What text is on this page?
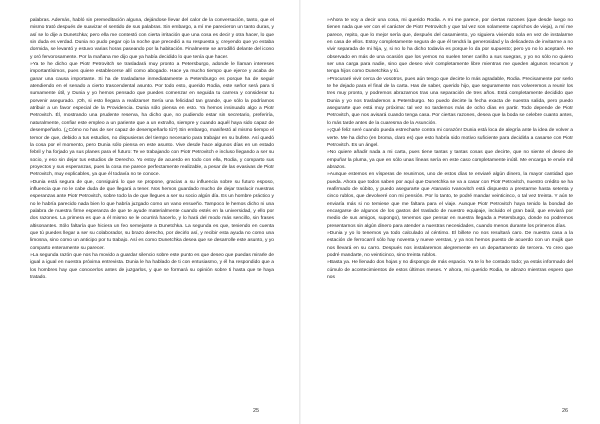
palabras. Además, habló sin premeditación alguna, dejándose llevar del calor de la conversación, tanto, que el mismo trató después de suavizar el sentido de sus palabras. Sin embargo, a mí me parecieron un tanto duras, y así se lo dije a Dunetchka; pero ella me contestó con cierta irritación que una cosa es decir y otra hacer, lo que sin duda es verdad. Dunia no pudo pegar ojo la noche que precedió a su respuesta y, creyendo que yo estaba dormida, se levantó y estuvo varias horas paseando por la habitación. Finalmente se arrodilló delante del icono y oró fervorosamente. Por la mañana me dijo que ya había decidido lo que tenía que hacer.

»Ya te he dicho que Piotr Petrovitch se trasladará muy pronto a Petersburgo, adonde le llaman intereses importantísimos, pues quiere establecerse allí como abogado. Hace ya mucho tiempo que ejerce y acaba de ganar una causa importante. Si ha de trasladarse inmediatamente a Petersburgo es porque ha de seguir atendiendo en el senado a cierto trascendental asunto. Por todo esto, querido Rodia, este señor será para ti sumamente útil, y Dunia y yo hemos pensado que puedes comenzar en seguida tu carrera y considerar tu porvenir asegurado. ¡Oh, si esto llegara a realizarse! Sería una felicidad tan grande, que sólo la podríamos atribuir a un favor especial de la Providencia. Dunia sólo piensa en esto. Ya hemos insinuado algo a Piotr Petrovitch. Él, mostrando una prudente reserva, ha dicho que, no pudiendo estar sin secretario, preferiría, naturalmente, confiar este empleo a un pariente que a un extraño, siempre y cuando aquél haya sido capaz de desempeñarlo. (¿Cómo no has de ser capaz de desempeñarlo tú?) Sin embargo, manifestó al mismo tiempo el temor de que, debido a tus estudios, no dispusieras del tiempo necesario para trabajar en su bufete. Así quedó la cosa por el momento, pero Dunia sólo piensa en este asunto. Vive desde hace algunos días en un estado febril y ha forjado ya sus planes para el futuro: Te ve trabajando con Piotr Petrovitch e incluso llegando a ser su socio, y eso sin dejar tus estudios de Derecho. Yo estoy de acuerdo en todo con ella, Rodia, y comparto sus proyectos y sus esperanzas, pues la cosa me parece perfectamente realizable, a pesar de las evasivas de Piotr Petrovitch, muy explicables, ya que él todavía no te conoce.

»Dunia está segura de que, consiguirá lo que se propone, gracias a su influencia sobre su futuro esposo, influencia que no le cabe duda de que llegará a tener. Nos hemos guardado mucho de dejar traslucir nuestras esperanzas ante Piotr Petrovitch, sobre todo la de que llegues a ser su socio algún día. Es un hombre práctico y no le habría parecido nada bien lo que habría juzgado como un vano ensueño. Tampoco le hemos dicho ni una palabra de nuestra firme esperanza de que te ayude materialmente cuando estés en la universidad, y ello por dos razones. La primera es que a él mismo se le ocurrirá hacerlo, y lo hará del modo más sencillo, sin frases altisonantes. Sólo faltaría que hiciera un feo semejante a Dunetchka. La segunda es que, teniendo en cuenta que tú puedes llegar a ser su colaborador, su brazo derecho, por decirlo así, y recibir esta ayuda no como una limosna, sino como un anticipo por tu trabajo. Así es como Dunetchka desea que se desarrolle este asunto, y yo comparto enteramente su parecer.

»La segunda razón que nos ha movido a guardar silencio sobre este punto es que deseo que puedas mirarle de igual a igual en nuestra próxima entrevista. Dunia le ha hablado de ti con entusiasmo, y él ha respondido que a los hombres hay que conocerlos antes de juzgarlos, y que se formará su opinión sobre ti hasta que te haya tratado.

25

»Ahora te voy a decir una cosa, mi querido Rodia. A mi me parece, por ciertas razones (que desde luego no tienen nada que ver con el carácter de Piotr Petrovitch y que tal vez son solamente caprichos de vieja), a mí me parece, repito, que lo mejor sería que, después del casamiento, yo siguiera viviendo sola en vez de instalarme en casa de ellos. Estoy completamente segura de que él tendrá la generosidad y la delicadeza de invitarme a no vivir separada de mi hija, y, si no lo ha dicho todavía es porque lo da por supuesto; pero yo no lo aceptaré. He observado en más de una ocasión que los yernos no suelen tener cariño a sus suegras, y yo no sólo no quiero ser una carga para nadie, sino que deseo vivir completamente libre mientras me queden algunos recursos y tenga hijos como Dunetchka y tú.

»Procuraré vivir cerca de vosotros, pues aún tengo que decirte lo más agradable, Rodia. Precisamente por serlo te he dejado para el final de la carta. Has de saber, querido hijo, que seguramente nos volveremos a reunir los tres muy pronto, y podremos abrazarnos tras una separación de tres años. Está completamente decidido que Dunia y yo nos traslademos a Petersburgo. No puedo decirte la fecha exacta de nuestra salida, pero puedo asegurarte que está muy próxima: tal vez no tardemos más de ocho días en partir. Todo depende de Piotr Petrovitch, que nos avisará cuando tenga casa. Por ciertas razones, desea que la boda se celebre cuanto antes, lo más tarde antes de la cuaresma de la Asunción.

»¡Qué feliz seré cuando pueda estrecharte contra mi corazón! Dunia está loca de alegría ante la idea de volver a verte. Me ha dicho (en broma, claro es) que esto habría sido motivo suficiente para decidirla a casarse con Piotr Petrovitch. Es un ángel.

»No quiere añadir nada a mi carta, pues tiene tantas y tantas cosas que decirte, que no siente el deseo de empuñar la pluma, ya que en sólo unas líneas sería en este caso completamente inútil. Me encarga te envíe mil abrazos.

»Aunque estemos en vísperas de reunirnos, uno de estos días te enviaré algún dinero, la mayor cantidad que pueda. Ahora que todos saben por aquí que Dunetchka se va a casar con Piotr Petrovitch, nuestro crédito se ha reafirmado de súbito, y puedo asegurarte que Atanasio Ivanovitch está dispuesto a prestarme hasta setenta y cinco rublos, que devolveré con mi pensión. Por lo tanto, te podré mandar veinticinco, o tal vez treinta. Y aún te enviaría más si no temiese que me faltara para el viaje. Aunque Piotr Petrovitch haya tenido la bondad de encargarse de algunos de los gastos del traslado de nuestro equipaje, incluido el gran baúl, que enviará por medio de sus amigos, supongo), tenemos que pensar en nuestra llegada a Petersburgo, donde no podremos presentarnos sin algún dinero para atender a nuestras necesidades, cuando menos durante los primeros días.

»Dunia y yo lo tenemos ya todo calculado al céntimo. El billete no nos resultará caro. De nuestra casa a la estación de ferrocarril sólo hay noventa y nueve verstas, y ya nos hemos puesto de acuerdo con un mujik que nos llevará en su carro. Después nos instalaremos alegremente en un departamento de tercera. Yo creo que podré mandarte, no veinticinco, sino treinta rublos.

»Basta ya. He llenado dos hojas y no dispongo de más espacio. Ya te lo he contado todo; ya estás informado del cúmulo de acontecimientos de estos últimos meses. Y ahora, mi querido Rodia, te abrazo mientras espero que nos

26
